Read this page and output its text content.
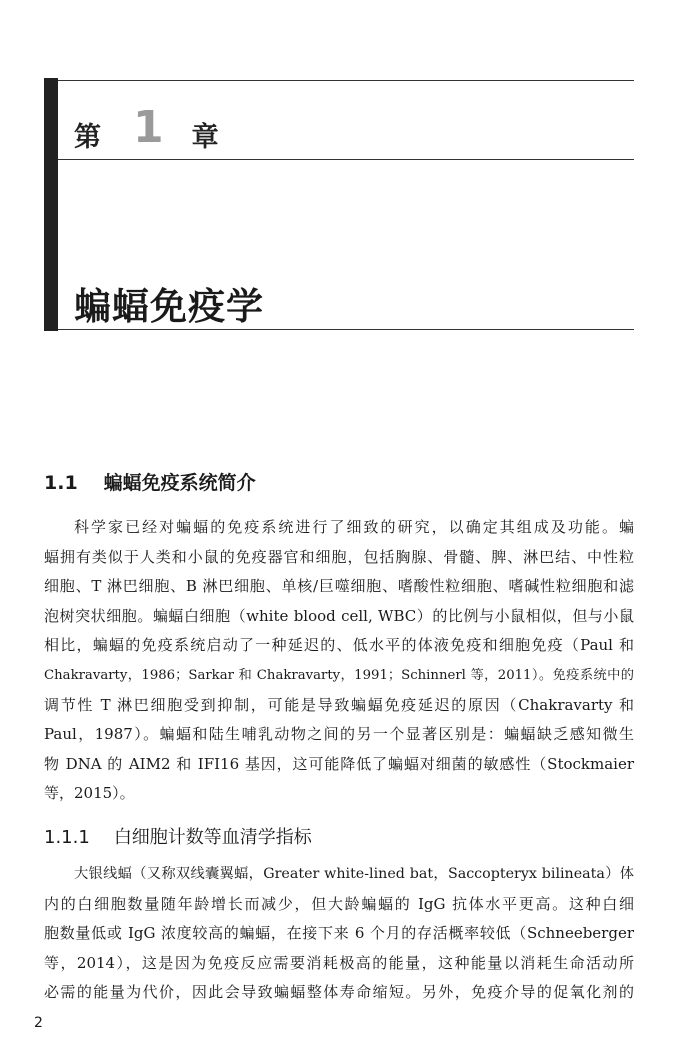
第 1 章
蝙蝠免疫学
1.1 蝙蝠免疫系统简介
科学家已经对蝙蝠的免疫系统进行了细致的研究，以确定其组成及功能。蝙
蝠拥有类似于人类和小鼠的免疫器官和细胞，包括胸腺、骨髓、脾、淋巴结、中性粒
细胞、T 淋巴细胞、B 淋巴细胞、单核/巨噬细胞、嗜酸性粒细胞、嗜碱性粒细胞和滤
泡树突状细胞。蝙蝠白细胞（white blood cell, WBC）的比例与小鼠相似，但与小鼠
相比，蝙蝠的免疫系统启动了一种延迟的、低水平的体液免疫和细胞免疫（Paul 和
Chakravarty，1986；Sarkar 和 Chakravarty，1991；Schinnerl 等，2011）。免疫系统中的
调节性 T 淋巴细胞受到抑制，可能是导致蝙蝠免疫延迟的原因（Chakravarty 和
Paul，1987）。蝙蝠和陆生哺乳动物之间的另一个显著区别是：蝙蝠缺乏感知微生
物 DNA 的 AIM2 和 IFI16 基因，这可能降低了蝙蝠对细菌的敏感性（Stockmaier
等，2015）。
1.1.1 白细胞计数等血清学指标
大银线蝠（又称双线囊翼蝠，Greater white-lined bat，Saccopteryx bilineata）体
内的白细胞数量随年龄增长而减少，但大龄蝙蝠的 IgG 抗体水平更高。这种白细
胞数量低或 IgG 浓度较高的蝙蝠，在接下来 6 个月的存活概率较低（Schneeberger
等，2014），这是因为免疫反应需要消耗极高的能量，这种能量以消耗生命活动所
必需的能量为代价，因此会导致蝙蝠整体寿命缩短。另外，免疫介导的促氧化剂的
2
